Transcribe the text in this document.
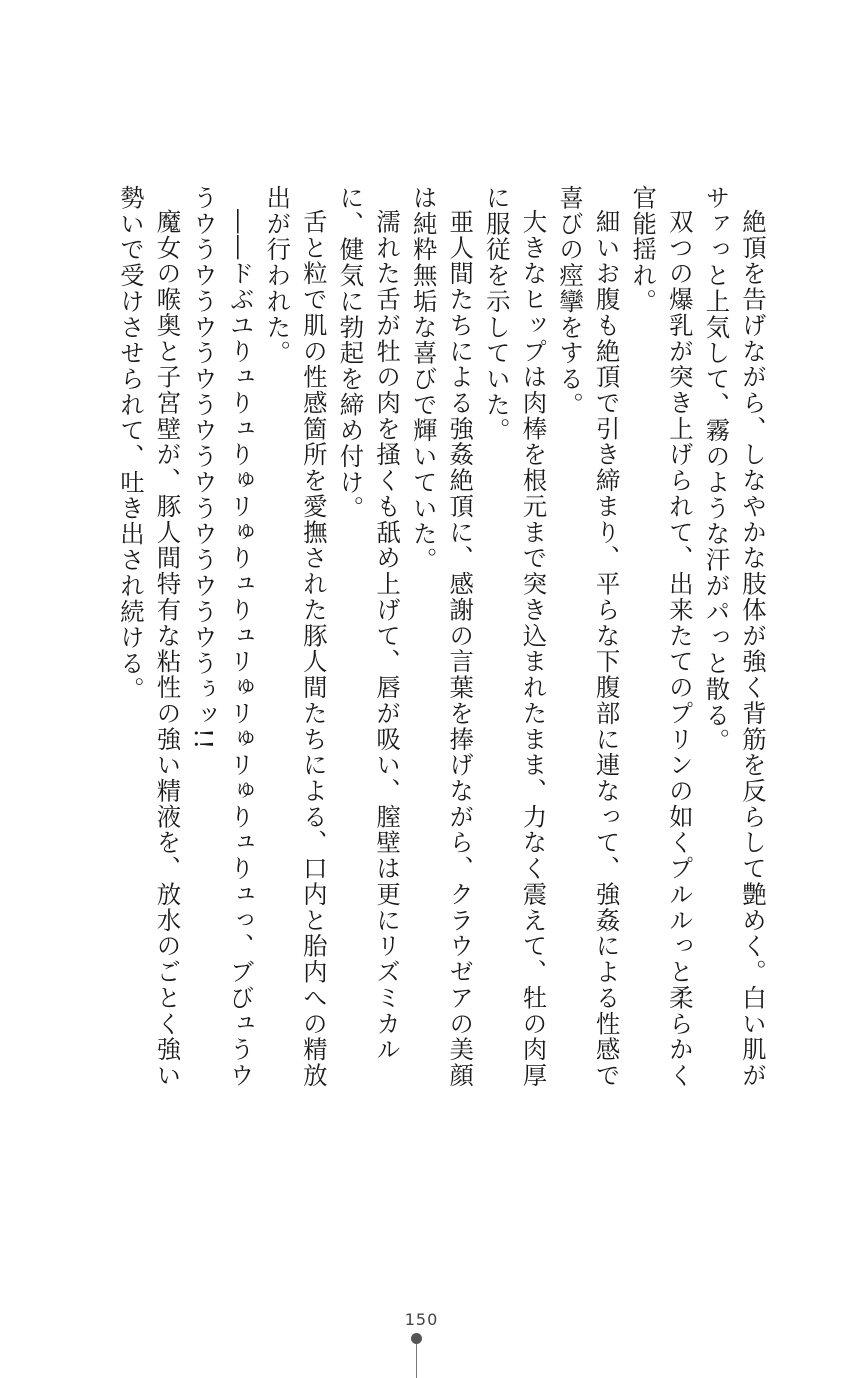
絶頂を告げながら、しなやかな肢体が強く背筋を反らして艶めく。白い肌がサァっと上気して、霧のような汗がパっと散る。

双つの爆乳が突き上げられて、出来たてのプリンの如くプルルっと柔らかく官能揺れ。

細いお腹も絶頂で引き締まり、平らな下腹部に連なって、強姦による性感で喜びの痙攣をする。

大きなヒップは肉棒を根元まで突き込まれたまま、力なく震えて、牡の肉厚に服従を示していた。

亜人間たちによる強姦絶頂に、感謝の言葉を捧げながら、クラウゼアの美顔は純粋無垢な喜びで輝いていた。

濡れた舌が牡の肉を掻くも舐め上げて、唇が吸い、膣壁は更にリズミカルに、健気に勃起を締め付け。

舌と粒で肌の性感箇所を愛撫された豚人間たちによる、口内と胎内への精放出が行われた。

――ドぶユりュりュりゅリゅりュりュリゅリゅリゅりュりュっ、ブびュうウうウうウうウうウうウうウうウうウうウうぅッ!!

魔女の喉奥と子宮壁が、豚人間特有な粘性の強い精液を、放水のごとく強い勢いで受けさせられて、吐き出され続ける。

150
